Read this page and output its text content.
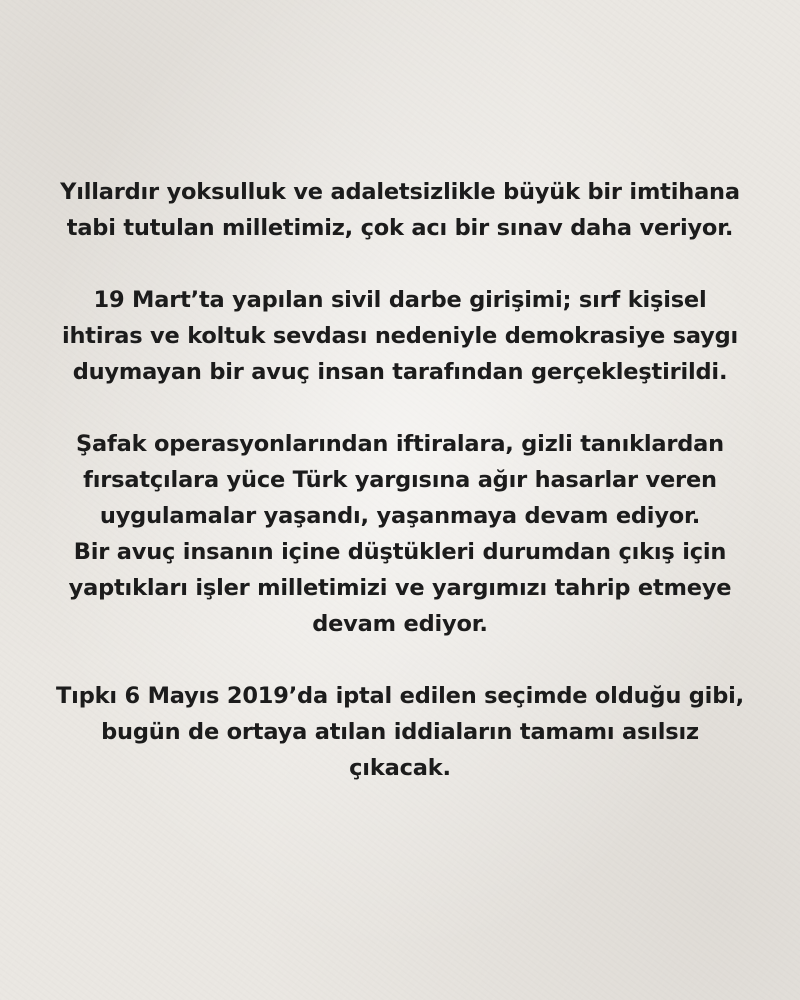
Yıllardır yoksulluk ve adaletsizlikle büyük bir imtihana
tabi tutulan milletimiz, çok acı bir sınav daha veriyor.

19 Mart’ta yapılan sivil darbe girişimi; sırf kişisel
ihtiras ve koltuk sevdası nedeniyle demokrasiye saygı
duymayan bir avuç insan tarafından gerçekleştirildi.

Şafak operasyonlarından iftiralara, gizli tanıklardan
fırsatçılara yüce Türk yargısına ağır hasarlar veren
uygulamalar yaşandı, yaşanmaya devam ediyor.

Bir avuç insanın içine düştükleri durumdan çıkış için
yaptıkları işler milletimizi ve yargımızı tahrip etmeye
devam ediyor.

Tıpkı 6 Mayıs 2019’da iptal edilen seçimde olduğu gibi,
bugün de ortaya atılan iddiaların tamamı asılsız
çıkacak.
